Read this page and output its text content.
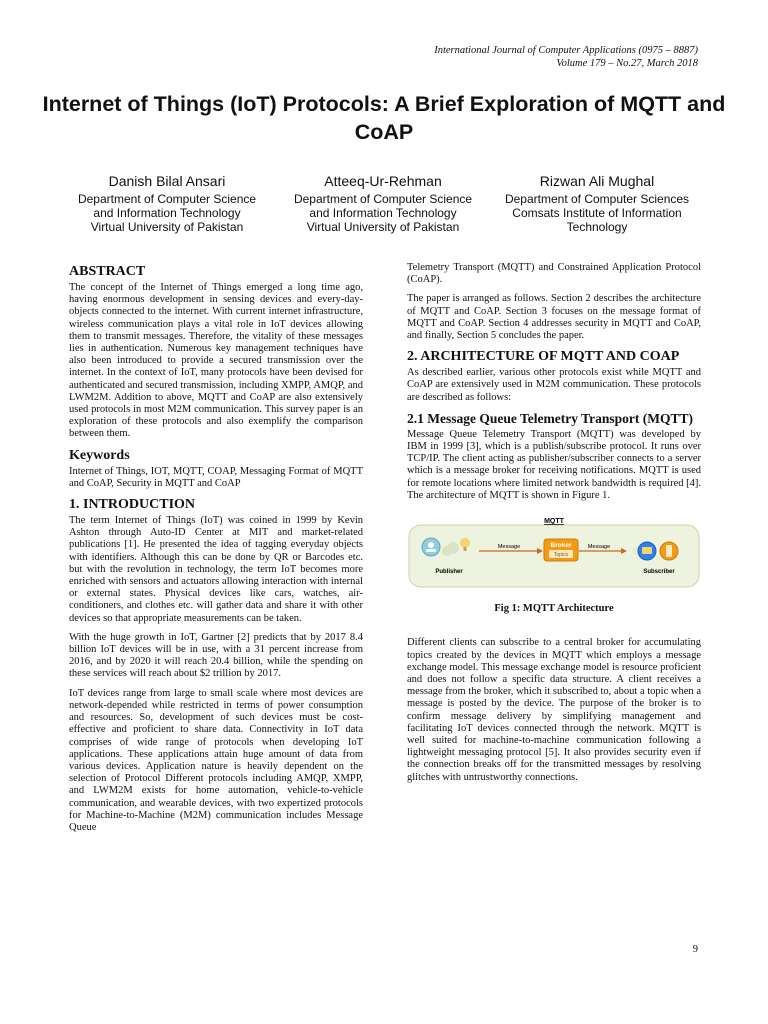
International Journal of Computer Applications (0975 – 8887)
Volume 179 – No.27, March 2018
Internet of Things (IoT) Protocols: A Brief Exploration of MQTT and CoAP
Danish Bilal Ansari
Department of Computer Science
and Information Technology
Virtual University of Pakistan
Atteeq-Ur-Rehman
Department of Computer Science
and Information Technology
Virtual University of Pakistan
Rizwan Ali Mughal
Department of Computer Sciences
Comsats Institute of Information
Technology
ABSTRACT

The concept of the Internet of Things emerged a long time ago, having enormous development in sensing devices and every-day-objects connected to the internet. With current internet infrastructure, wireless communication plays a vital role in IoT devices allowing them to transmit messages. Therefore, the vitality of these messages lies in authentication. Numerous key management techniques have also been introduced to provide a secured transmission over the internet. In the context of IoT, many protocols have been devised for authenticated and secured transmission, including XMPP, AMQP, and LWM2M. Addition to above, MQTT and CoAP are also extensively used protocols in most M2M communication. This survey paper is an exploration of these protocols and also exemplify the comparison between them.

Keywords

Internet of Things, IOT, MQTT, COAP, Messaging Format of MQTT and CoAP, Security in MQTT and CoAP

1. INTRODUCTION

The term Internet of Things (IoT) was coined in 1999 by Kevin Ashton through Auto-ID Center at MIT and market-related publications [1]. He presented the idea of tagging everyday objects with identifiers. Although this can be done by QR or Barcodes etc. but with the revolution in technology, the term IoT becomes more enriched with sensors and actuators allowing interaction with internal or external states. Physical devices like cars, watches, air-conditioners, and clothes etc. will gather data and share it with other devices so that appropriate measurements can be taken.

With the huge growth in IoT, Gartner [2] predicts that by 2017 8.4 billion IoT devices will be in use, with a 31 percent increase from 2016, and by 2020 it will reach 20.4 billion, while the spending on these services will reach about $2 trillion by 2017.

IoT devices range from large to small scale where most devices are network-depended while restricted in terms of power consumption and resources. So, development of such devices must be cost-effective and proficient to share data. Connectivity in IoT data comprises of wide range of protocols when developing IoT applications. These applications attain huge amount of data from various devices. Application nature is heavily dependent on the selection of Protocol Different protocols including AMQP, XMPP, and LWM2M exists for home automation, vehicle-to-vehicle communication, and wearable devices, with two expertized protocols for Machine-to-Machine (M2M) communication includes Message Queue

Telemetry Transport (MQTT) and Constrained Application Protocol (CoAP).

The paper is arranged as follows. Section 2 describes the architecture of MQTT and CoAP. Section 3 focuses on the message format of MQTT and CoAP. Section 4 addresses security in MQTT and CoAP, and finally, Section 5 concludes the paper.

2. ARCHITECTURE OF MQTT AND COAP

As described earlier, various other protocols exist while MQTT and CoAP are extensively used in M2M communication. These protocols are described as follows:

2.1 Message Queue Telemetry Transport (MQTT)

Message Queue Telemetry Transport (MQTT) was developed by IBM in 1999 [3], which is a publish/subscribe protocol. It runs over TCP/IP. The client acting as publisher/subscriber connects to a server which is a message broker for receiving notifications. MQTT is used for remote locations where limited network bandwidth is required [4]. The architecture of MQTT is shown in Figure 1.

MQTT
Publisher
Message	Broker
Topics
Message
Subscriber
Fig 1: MQTT Architecture

Different clients can subscribe to a central broker for accumulating topics created by the devices in MQTT which employs a message exchange model. This message exchange model is resource proficient and does not follow a specific data structure. A client receives a message from the broker, which it subscribed to, about a topic when a message is posted by the device. The purpose of the broker is to confirm message delivery by simplifying management and facilitating IoT devices connected through the network. MQTT is well suited for machine-to-machine communication following a lightweight messaging protocol [5]. It also provides security even if the connection breaks off for the transmitted messages by resolving glitches with untrustworthy connections.

9
